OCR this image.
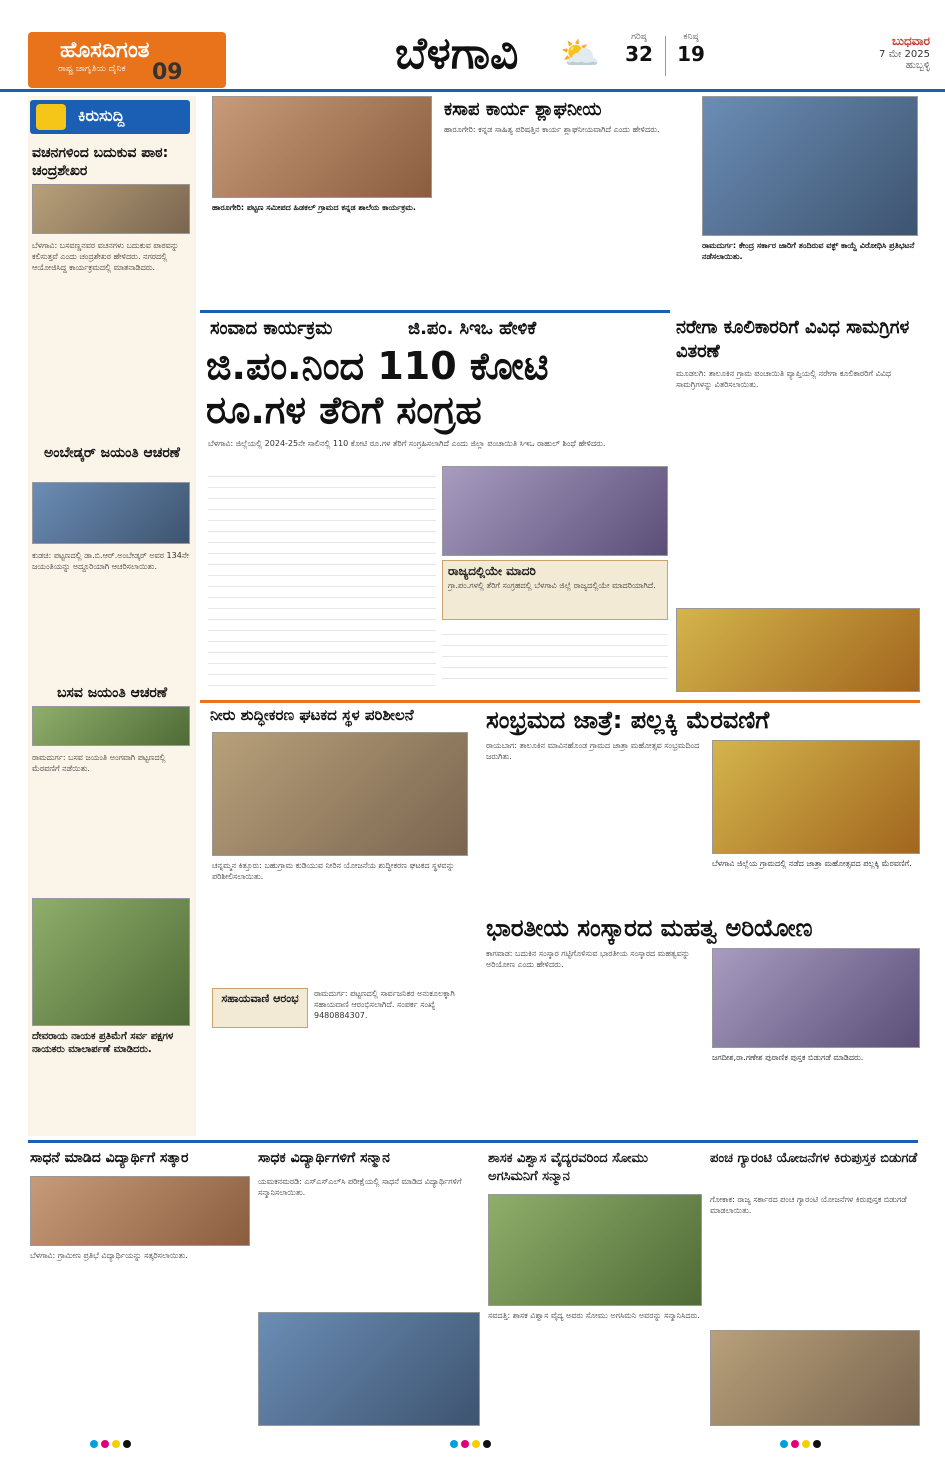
ಹೊಸದಿಗಂತ
ರಾಷ್ಟ್ರ ಜಾಗೃತಿಯ ದೈನಿಕ 09	ಬೆಳಗಾವಿ ⛅	ಗರಿಷ್ಠ
32
ಕನಿಷ್ಠ
19
ಬುಧವಾರ
7 ಮೇ 2025
ಹುಬ್ಬಳ್ಳಿ
ಕಿರುಸುದ್ದಿ
ವಚನಗಳಿಂದ ಬದುಕುವ ಪಾಠ: ಚಂದ್ರಶೇಖರ
ಬೆಳಗಾವಿ: ಬಸವಣ್ಣನವರ ವಚನಗಳು ಬದುಕುವ ಪಾಠವನ್ನು ಕಲಿಸುತ್ತವೆ ಎಂದು ಚಂದ್ರಶೇಖರ ಹೇಳಿದರು. ನಗರದಲ್ಲಿ ಆಯೋಜಿಸಿದ್ದ ಕಾರ್ಯಕ್ರಮದಲ್ಲಿ ಮಾತನಾಡಿದರು.
ಅಂಬೇಡ್ಕರ್ ಜಯಂತಿ ಆಚರಣೆ
ಕುಡಚಿ: ಪಟ್ಟಣದಲ್ಲಿ ಡಾ.ಬಿ.ಆರ್.ಅಂಬೇಡ್ಕರ್ ಅವರ 134ನೇ ಜಯಂತಿಯನ್ನು ಅದ್ದೂರಿಯಾಗಿ ಆಚರಿಸಲಾಯಿತು.
ಬಸವ ಜಯಂತಿ ಆಚರಣೆ
ರಾಮದುರ್ಗ: ಬಸವ ಜಯಂತಿ ಅಂಗವಾಗಿ ಪಟ್ಟಣದಲ್ಲಿ ಮೆರವಣಿಗೆ ನಡೆಯಿತು.
ದೇವರಾಯ ನಾಯಕ ಪ್ರತಿಮೆಗೆ ಸರ್ವ ಪಕ್ಷಗಳ ನಾಯಕರು ಮಾಲಾರ್ಪಣೆ ಮಾಡಿದರು.
ಹಾರೂಗೇರಿ: ಪಟ್ಟಣ ಸಮೀಪದ ಹಿಡಕಲ್ ಗ್ರಾಮದ ಕನ್ನಡ ಶಾಲೆಯ ಕಾರ್ಯಕ್ರಮ.
ಕಸಾಪ ಕಾರ್ಯ ಶ್ಲಾಘನೀಯ
ಹಾರೂಗೇರಿ: ಕನ್ನಡ ಸಾಹಿತ್ಯ ಪರಿಷತ್ತಿನ ಕಾರ್ಯ ಶ್ಲಾಘನೀಯವಾಗಿದೆ ಎಂದು ಹೇಳಿದರು.
ರಾಮದುರ್ಗ: ಕೇಂದ್ರ ಸರ್ಕಾರ ಜಾರಿಗೆ ತಂದಿರುವ ವಕ್ಫ್ ಕಾಯ್ದೆ ವಿರೋಧಿಸಿ ಪ್ರತಿಭಟನೆ ನಡೆಸಲಾಯಿತು.
ಸಂವಾದ ಕಾರ್ಯಕ್ರಮ	ಜಿ.ಪಂ. ಸಿಇಒ ಹೇಳಿಕೆ
ಜಿ.ಪಂ.ನಿಂದ 110 ಕೋಟಿ
ರೂ.ಗಳ ತೆರಿಗೆ ಸಂಗ್ರಹ
ಬೆಳಗಾವಿ: ಜಿಲ್ಲೆಯಲ್ಲಿ 2024-25ನೇ ಸಾಲಿನಲ್ಲಿ 110 ಕೋಟಿ ರೂ.ಗಳ ತೆರಿಗೆ ಸಂಗ್ರಹಿಸಲಾಗಿದೆ ಎಂದು ಜಿಲ್ಲಾ ಪಂಚಾಯಿತಿ ಸಿಇಒ ರಾಹುಲ್ ಶಿಂಧೆ ಹೇಳಿದರು.
ರಾಜ್ಯದಲ್ಲಿಯೇ ಮಾದರಿ
ಗ್ರಾ.ಪಂ.ಗಳಲ್ಲಿ ತೆರಿಗೆ ಸಂಗ್ರಹದಲ್ಲಿ ಬೆಳಗಾವಿ ಜಿಲ್ಲೆ ರಾಜ್ಯದಲ್ಲಿಯೇ ಮಾದರಿಯಾಗಿದೆ.
ನರೇಗಾ ಕೂಲಿಕಾರರಿಗೆ ವಿವಿಧ ಸಾಮಗ್ರಿಗಳ ವಿತರಣೆ
ಮೂಡಲಗಿ: ತಾಲೂಕಿನ ಗ್ರಾಮ ಪಂಚಾಯಿತಿ ವ್ಯಾಪ್ತಿಯಲ್ಲಿ ನರೇಗಾ ಕೂಲಿಕಾರರಿಗೆ ವಿವಿಧ ಸಾಮಗ್ರಿಗಳನ್ನು ವಿತರಿಸಲಾಯಿತು.
ನೀರು ಶುದ್ಧೀಕರಣ ಘಟಕದ ಸ್ಥಳ ಪರಿಶೀಲನೆ
ಚನ್ನಮ್ಮನ ಕಿತ್ತೂರು: ಬಹುಗ್ರಾಮ ಕುಡಿಯುವ ನೀರಿನ ಯೋಜನೆಯ ಶುದ್ಧೀಕರಣ ಘಟಕದ ಸ್ಥಳವನ್ನು ಪರಿಶೀಲಿಸಲಾಯಿತು.
ಸಂಭ್ರಮದ ಜಾತ್ರೆ: ಪಲ್ಲಕ್ಕಿ ಮೆರವಣಿಗೆ
ರಾಯಬಾಗ: ತಾಲೂಕಿನ ಮಾವಿನಹೊಂಡ ಗ್ರಾಮದ ಜಾತ್ರಾ ಮಹೋತ್ಸವ ಸಂಭ್ರಮದಿಂದ ಜರುಗಿತು.
ಬೆಳಗಾವಿ ಜಿಲ್ಲೆಯ ಗ್ರಾಮದಲ್ಲಿ ನಡೆದ ಜಾತ್ರಾ ಮಹೋತ್ಸವದ ಪಲ್ಲಕ್ಕಿ ಮೆರವಣಿಗೆ.
ಸಹಾಯವಾಣಿ ಆರಂಭ	ರಾಮದುರ್ಗ: ಪಟ್ಟಣದಲ್ಲಿ ಸಾರ್ವಜನಿಕರ ಅನುಕೂಲಕ್ಕಾಗಿ ಸಹಾಯವಾಣಿ ಆರಂಭಿಸಲಾಗಿದೆ. ಸಂಪರ್ಕ ಸಂಖ್ಯೆ 9480884307.
ಭಾರತೀಯ ಸಂಸ್ಕಾರದ ಮಹತ್ವ ಅರಿಯೋಣ
ಕಾಗವಾಡ: ಬದುಕಿನ ಸಂಸ್ಕಾರ ಗಟ್ಟಿಗೊಳಿಸುವ ಭಾರತೀಯ ಸಂಸ್ಕಾರದ ಮಹತ್ವವನ್ನು ಅರಿಯೋಣ ಎಂದು ಹೇಳಿದರು.
ಜಗದೀಶ,ರಾ.ಗಣೇಶ ಪುರಾಣಿಕ ಪುಸ್ತಕ ಬಿಡುಗಡೆ ಮಾಡಿದರು.
ಸಾಧನೆ ಮಾಡಿದ ವಿದ್ಯಾರ್ಥಿಗೆ ಸತ್ಕಾರ
ಬೆಳಗಾವಿ: ಗ್ರಾಮೀಣ ಪ್ರತಿಭೆ ವಿದ್ಯಾರ್ಥಿಯನ್ನು ಸತ್ಕರಿಸಲಾಯಿತು.
ಸಾಧಕ ವಿದ್ಯಾರ್ಥಿಗಳಿಗೆ ಸನ್ಮಾನ
ಯಮಕನಮರಡಿ: ಎಸ್ಎಸ್ಎಲ್‌ಸಿ ಪರೀಕ್ಷೆಯಲ್ಲಿ ಸಾಧನೆ ಮಾಡಿದ ವಿದ್ಯಾರ್ಥಿಗಳಿಗೆ ಸನ್ಮಾನಿಸಲಾಯಿತು.
ಶಾಸಕ ವಿಶ್ವಾಸ ವೈದ್ಯರವರಿಂದ ಸೋಮು ಅಗಸಿಮನಿಗೆ ಸನ್ಮಾನ
ಸವದತ್ತಿ: ಶಾಸಕ ವಿಶ್ವಾಸ ವೈದ್ಯ ಅವರು ಸೋಮು ಅಗಸಿಮನಿ ಅವರನ್ನು ಸನ್ಮಾನಿಸಿದರು.
ಪಂಚ ಗ್ಯಾರಂಟಿ ಯೋಜನೆಗಳ ಕಿರುಪುಸ್ತಕ ಬಿಡುಗಡೆ
ಗೋಕಾಕ: ರಾಜ್ಯ ಸರ್ಕಾರದ ಪಂಚ ಗ್ಯಾರಂಟಿ ಯೋಜನೆಗಳ ಕಿರುಪುಸ್ತಕ ಬಿಡುಗಡೆ ಮಾಡಲಾಯಿತು.
